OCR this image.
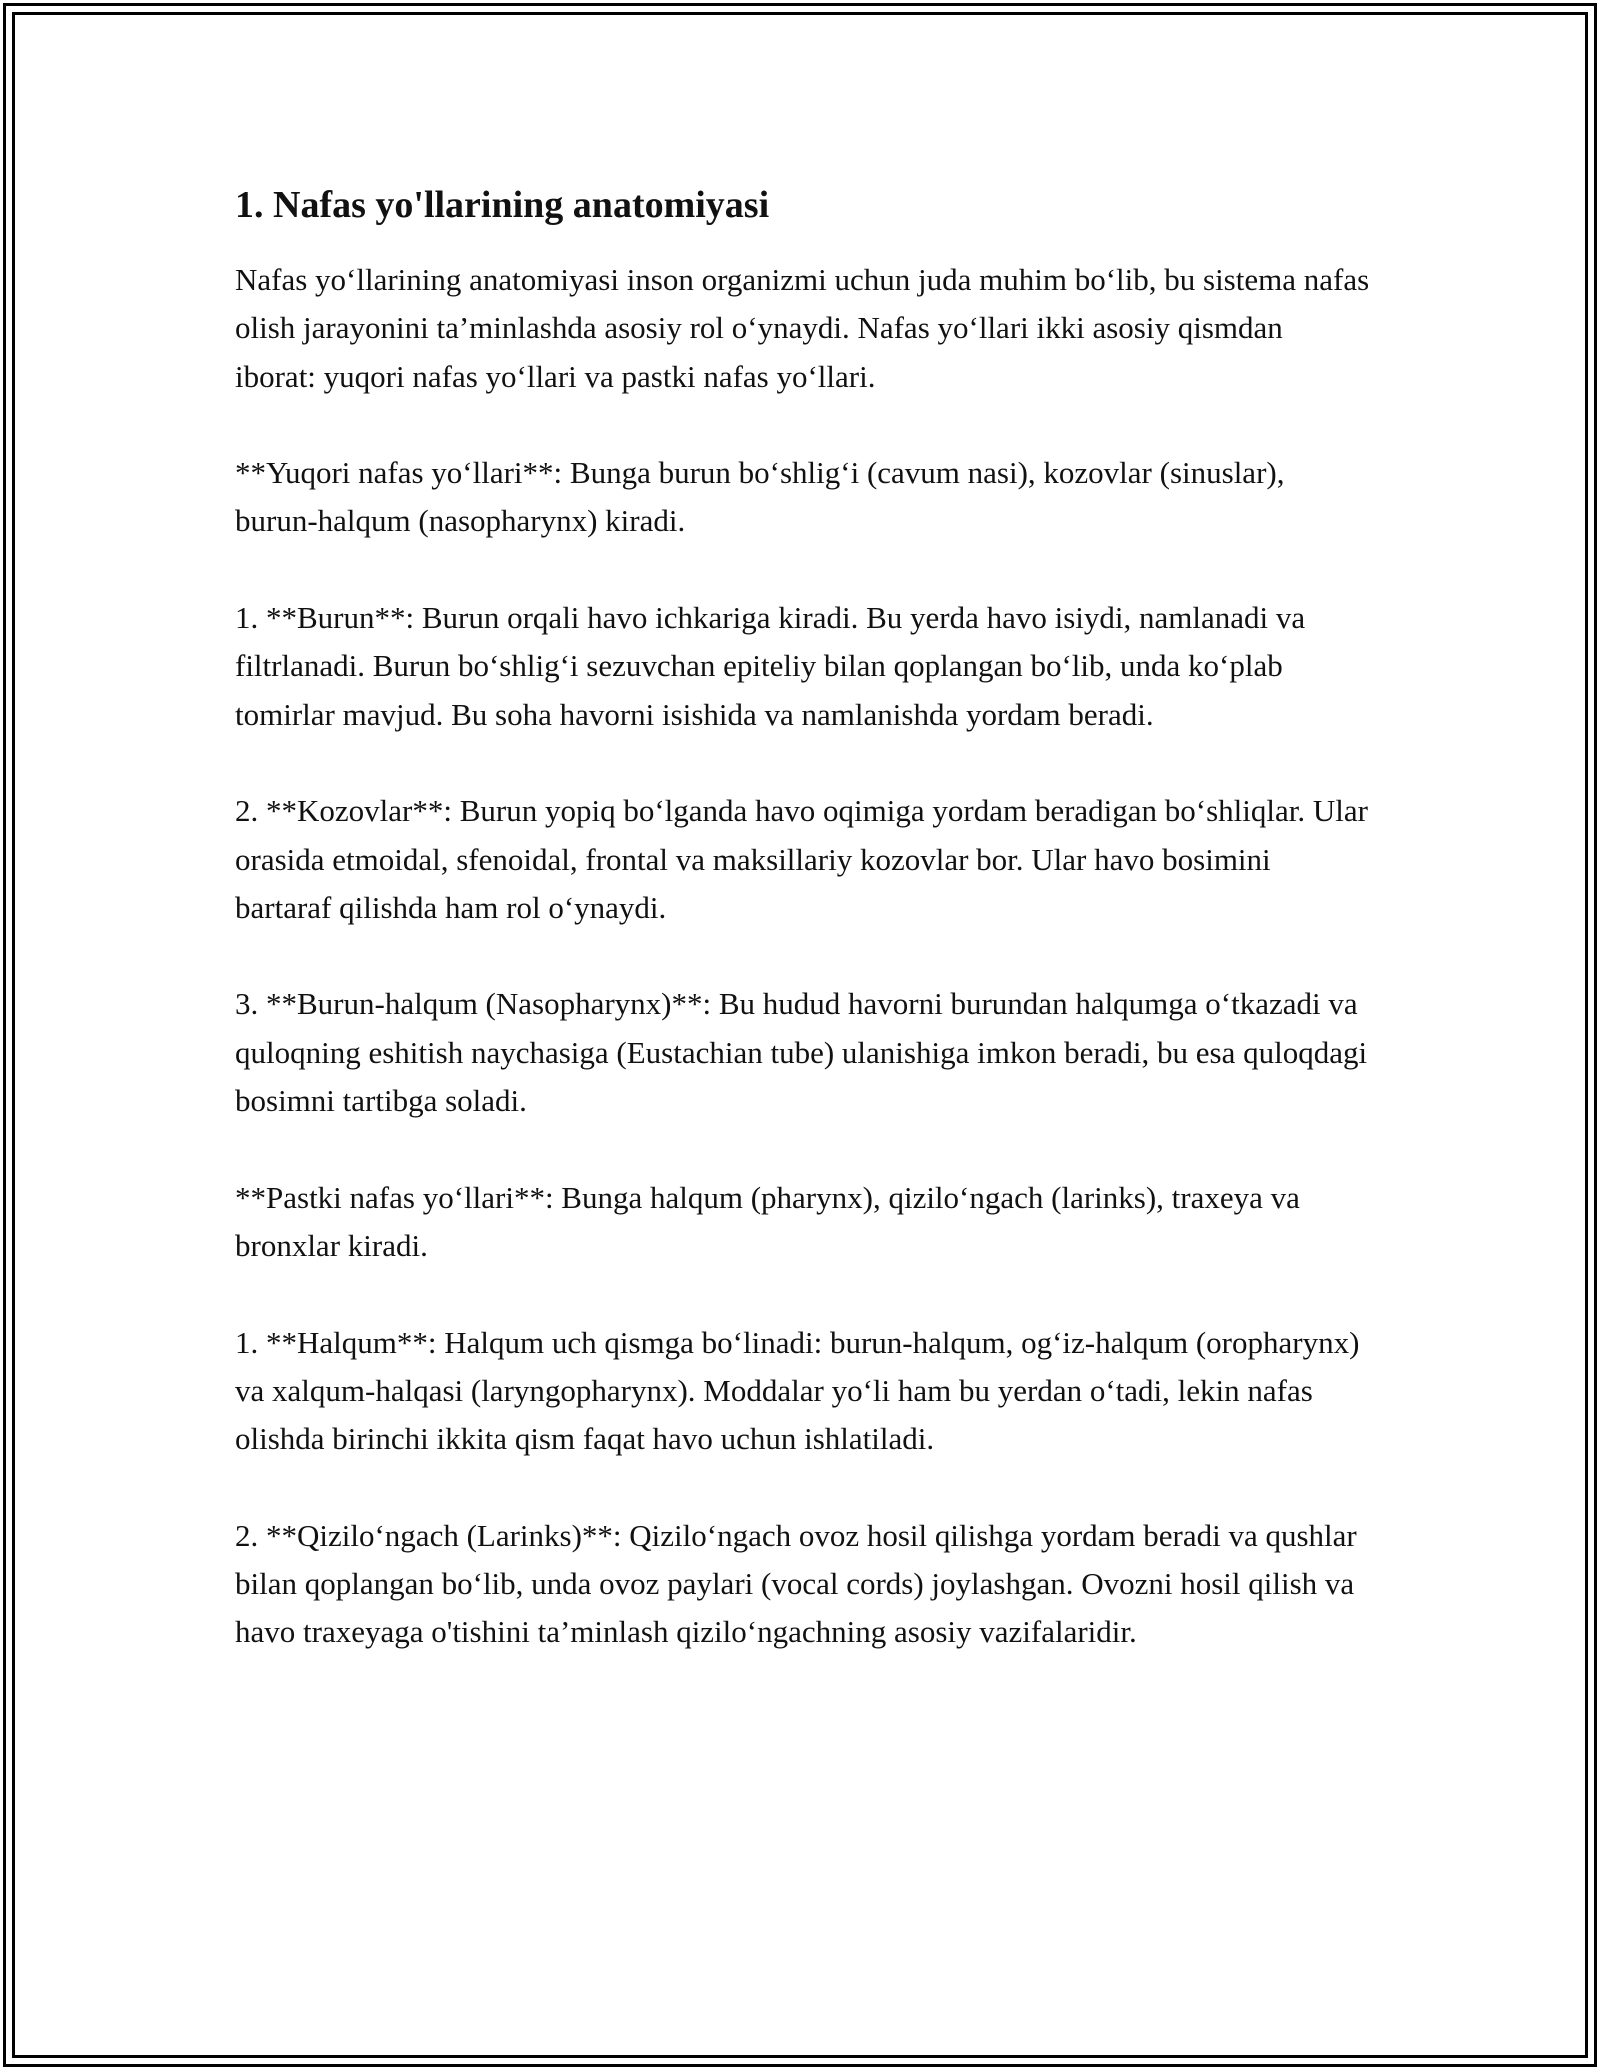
1. Nafas yo'llarining anatomiyasi

Nafas yo‘llarining anatomiyasi inson organizmi uchun juda muhim bo‘lib, bu sistema nafas olish jarayonini ta’minlashda asosiy rol o‘ynaydi. Nafas yo‘llari ikki asosiy qismdan iborat: yuqori nafas yo‘llari va pastki nafas yo‘llari.

**Yuqori nafas yo‘llari**: Bunga burun bo‘shlig‘i (cavum nasi), kozovlar (sinuslar), burun-halqum (nasopharynx) kiradi.

1. **Burun**: Burun orqali havo ichkariga kiradi. Bu yerda havo isiydi, namlanadi va filtrlanadi. Burun bo‘shlig‘i sezuvchan epiteliy bilan qoplangan bo‘lib, unda ko‘plab tomirlar mavjud. Bu soha havorni isishida va namlanishda yordam beradi.

2. **Kozovlar**: Burun yopiq bo‘lganda havo oqimiga yordam beradigan bo‘shliqlar. Ular orasida etmoidal, sfenoidal, frontal va maksillariy kozovlar bor. Ular havo bosimini bartaraf qilishda ham rol o‘ynaydi.

3. **Burun-halqum (Nasopharynx)**: Bu hudud havorni burundan halqumga o‘tkazadi va quloqning eshitish naychasiga (Eustachian tube) ulanishiga imkon beradi, bu esa quloqdagi bosimni tartibga soladi.

**Pastki nafas yo‘llari**: Bunga halqum (pharynx), qizilo‘ngach (larinks), traxeya va bronxlar kiradi.

1. **Halqum**: Halqum uch qismga bo‘linadi: burun-halqum, og‘iz-halqum (oropharynx) va xalqum-halqasi (laryngopharynx). Moddalar yo‘li ham bu yerdan o‘tadi, lekin nafas olishda birinchi ikkita qism faqat havo uchun ishlatiladi.

2. **Qizilo‘ngach (Larinks)**: Qizilo‘ngach ovoz hosil qilishga yordam beradi va qushlar bilan qoplangan bo‘lib, unda ovoz paylari (vocal cords) joylashgan. Ovozni hosil qilish va havo traxeyaga o'tishini ta’minlash qizilo‘ngachning asosiy vazifalaridir.
